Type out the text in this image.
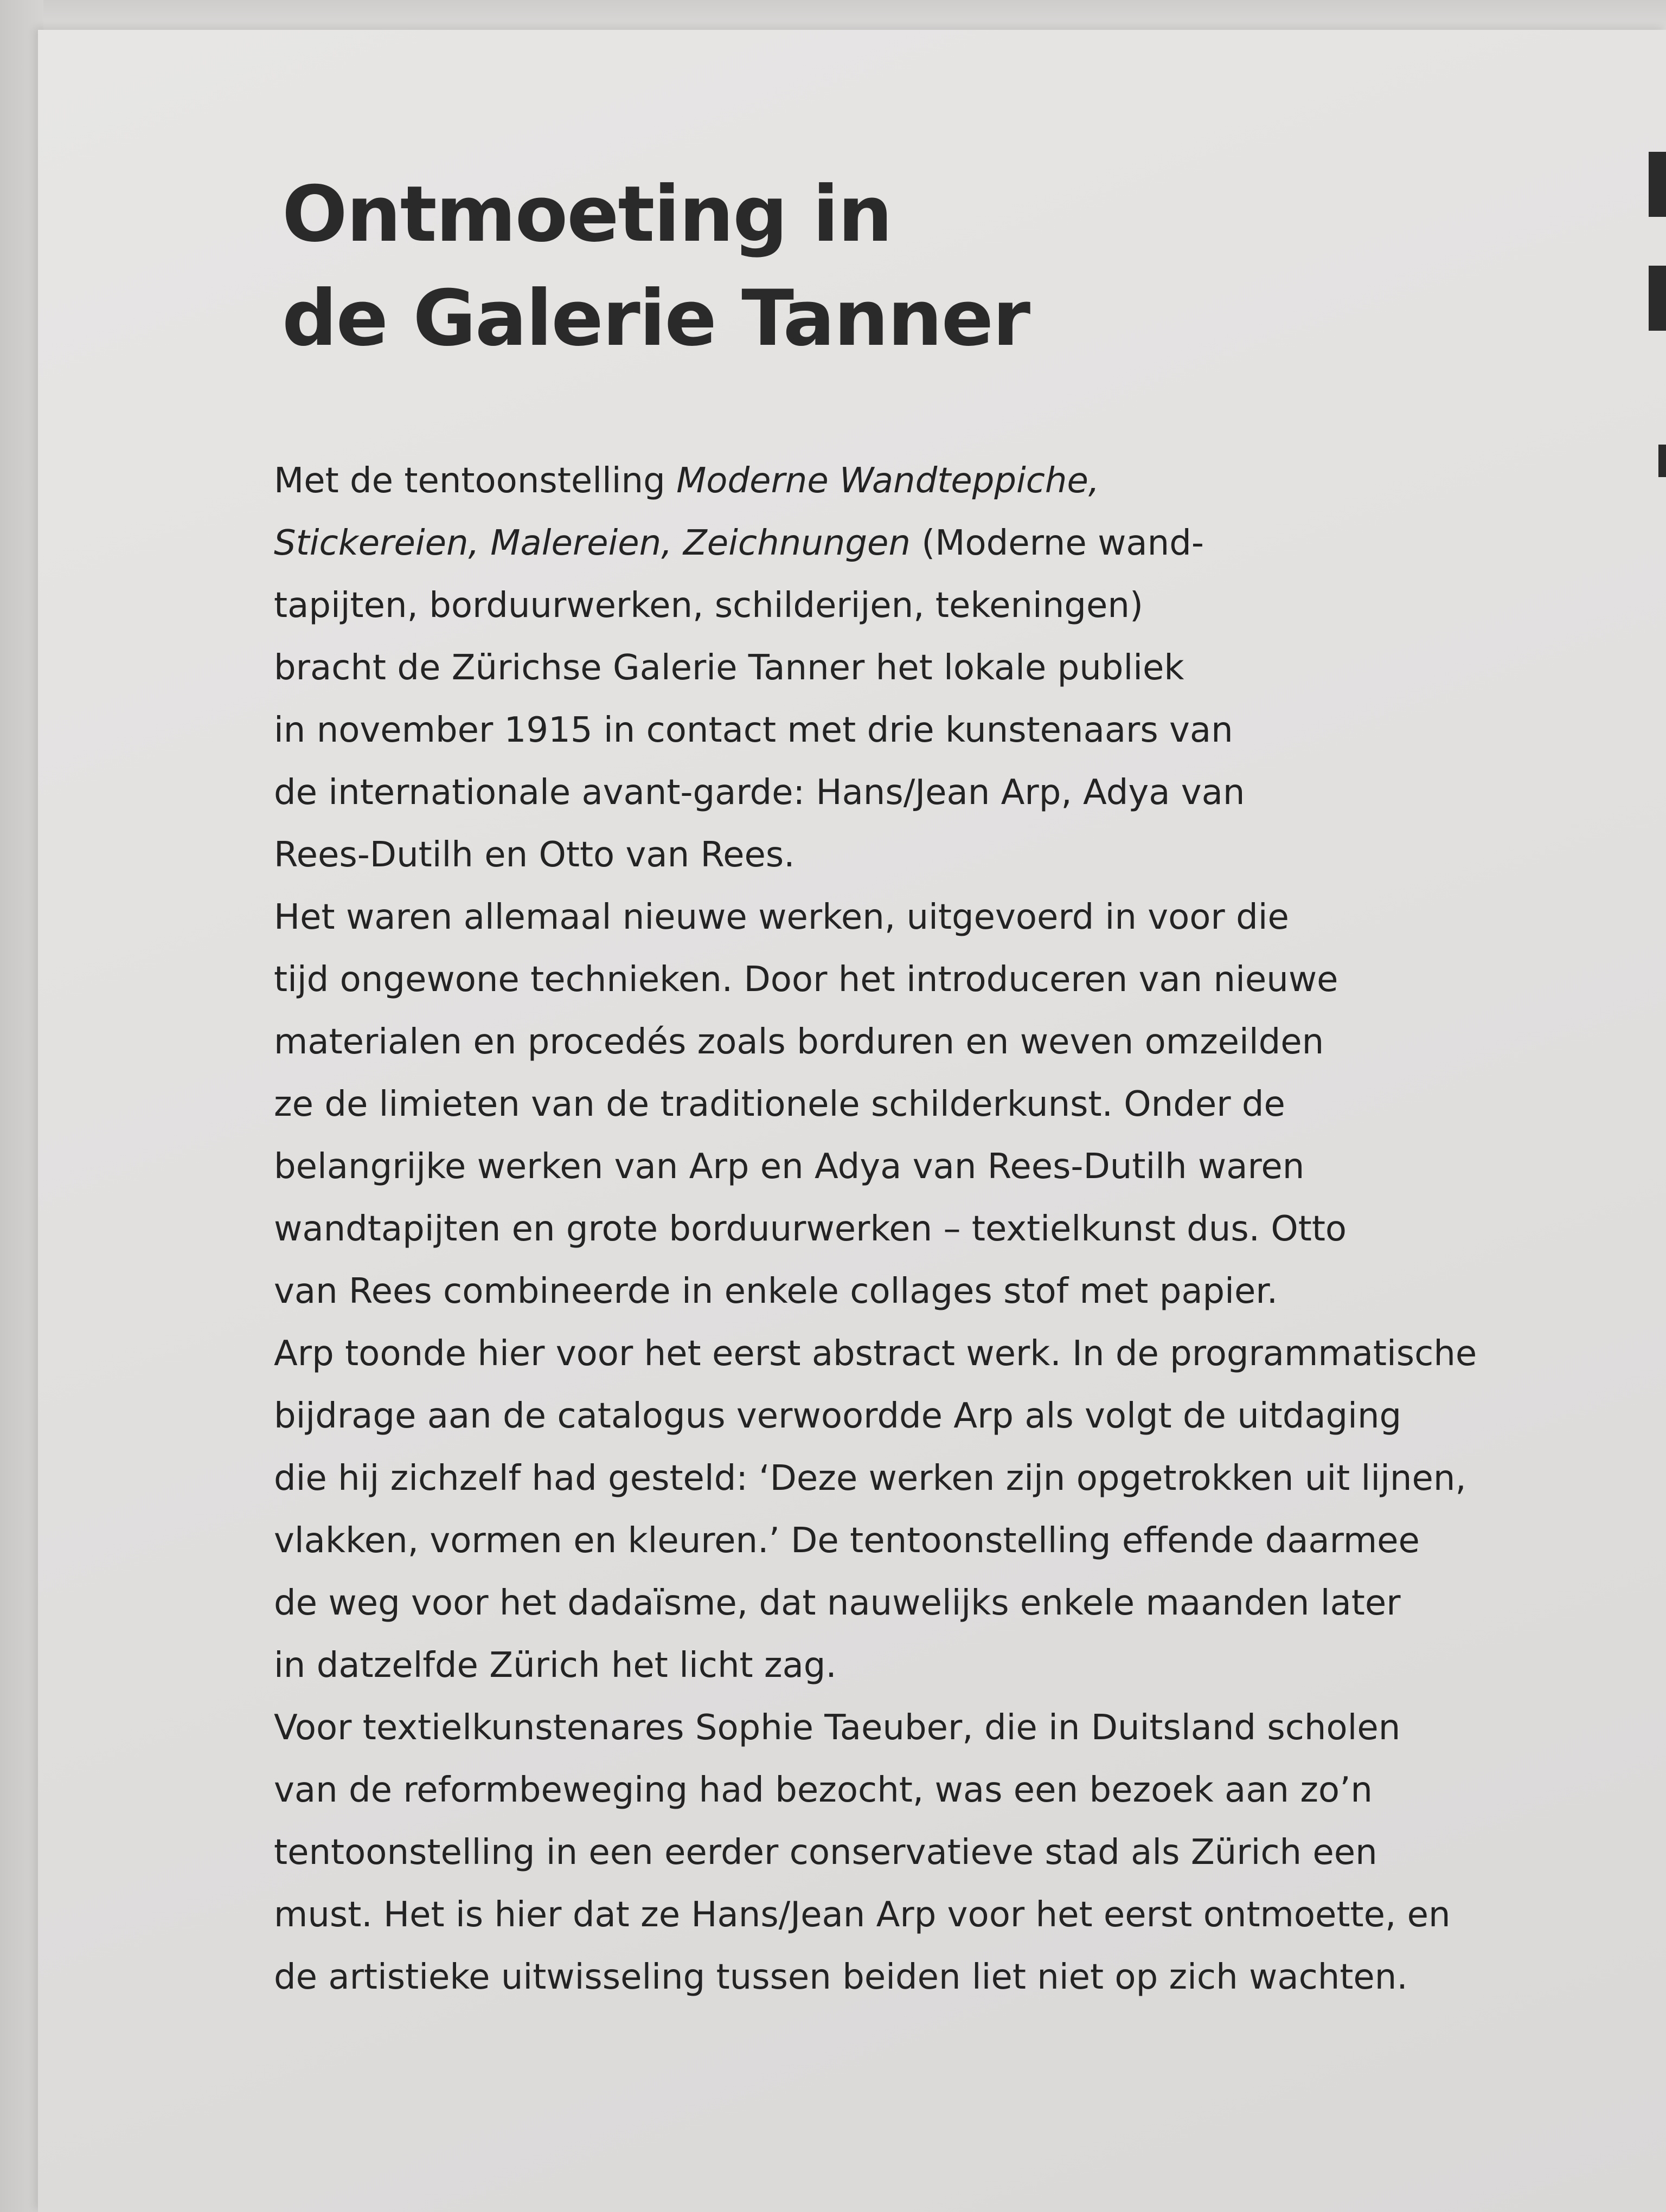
Ontmoeting in
de Galerie Tanner
Met de tentoonstelling Moderne Wandteppiche,
Stickereien, Malereien, Zeichnungen (Moderne wand-
tapijten, borduurwerken, schilderijen, tekeningen)
bracht de Zürichse Galerie Tanner het lokale publiek
in november 1915 in contact met drie kunstenaars van
de internationale avant-garde: Hans/Jean Arp, Adya van
Rees-Dutilh en Otto van Rees.
Het waren allemaal nieuwe werken, uitgevoerd in voor die
tijd ongewone technieken. Door het introduceren van nieuwe
materialen en procedés zoals borduren en weven omzeilden
ze de limieten van de traditionele schilderkunst. Onder de
belangrijke werken van Arp en Adya van Rees-Dutilh waren
wandtapijten en grote borduurwerken – textielkunst dus. Otto
van Rees combineerde in enkele collages stof met papier.
Arp toonde hier voor het eerst abstract werk. In de programmatische
bijdrage aan de catalogus verwoordde Arp als volgt de uitdaging
die hij zichzelf had gesteld: ‘Deze werken zijn opgetrokken uit lijnen,
vlakken, vormen en kleuren.’ De tentoonstelling effende daarmee
de weg voor het dadaïsme, dat nauwelijks enkele maanden later
in datzelfde Zürich het licht zag.
Voor textielkunstenares Sophie Taeuber, die in Duitsland scholen
van de reformbeweging had bezocht, was een bezoek aan zo’n
tentoonstelling in een eerder conservatieve stad als Zürich een
must. Het is hier dat ze Hans/Jean Arp voor het eerst ontmoette, en
de artistieke uitwisseling tussen beiden liet niet op zich wachten.
